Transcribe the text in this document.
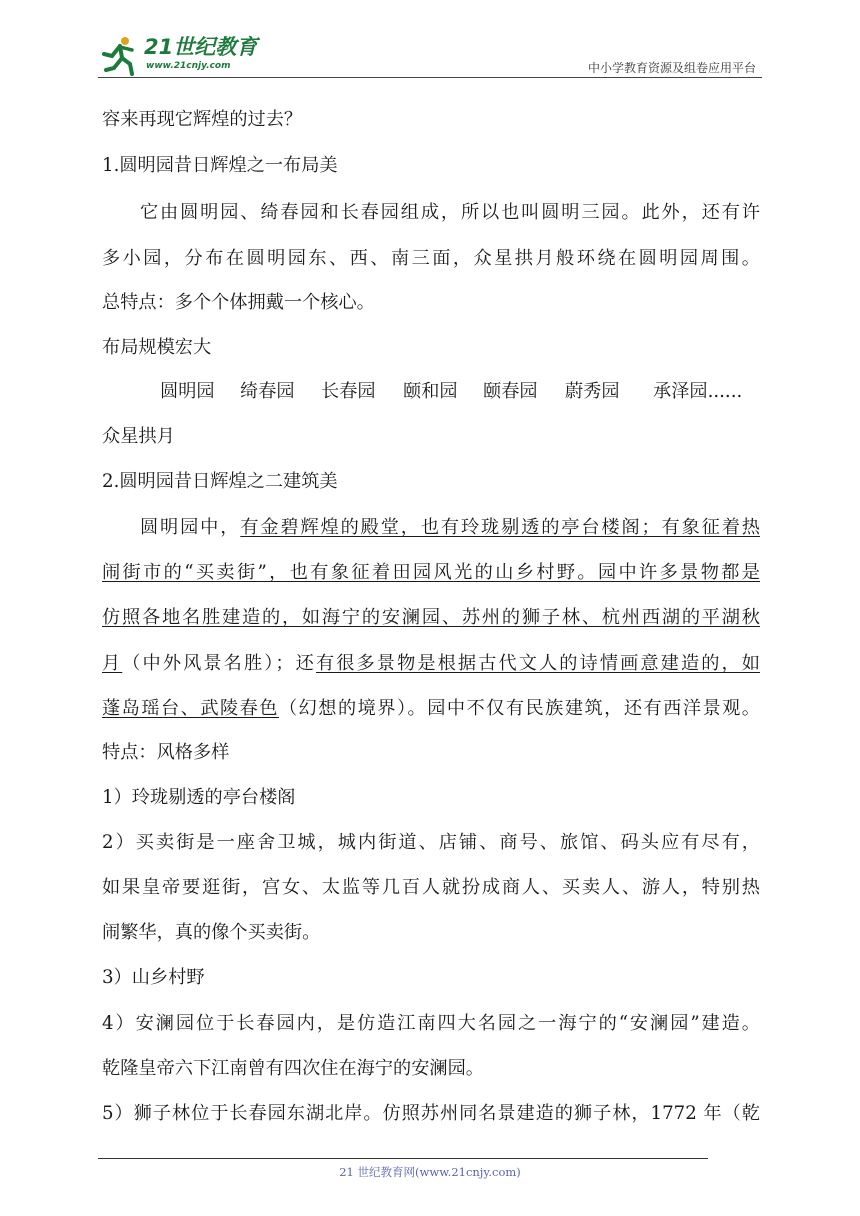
21世纪教育
www.21cnjy.com	中小学教育资源及组卷应用平台
容来再现它辉煌的过去？
1.圆明园昔日辉煌之一布局美
它由圆明园、绮春园和长春园组成，所以也叫圆明三园。此外，还有许
多小园，分布在圆明园东、西、南三面，众星拱月般环绕在圆明园周围。
总特点：多个个体拥戴一个核心。
布局规模宏大
圆明园 绮春园 长春园 颐和园 颐春园 蔚秀园 承泽园......
众星拱月
2.圆明园昔日辉煌之二建筑美
圆明园中，有金碧辉煌的殿堂，也有玲珑剔透的亭台楼阁；有象征着热
闹街市的“买卖街”，也有象征着田园风光的山乡村野。园中许多景物都是
仿照各地名胜建造的，如海宁的安澜园、苏州的狮子林、杭州西湖的平湖秋
月（中外风景名胜）；还有很多景物是根据古代文人的诗情画意建造的，如
蓬岛瑶台、武陵春色（幻想的境界）。园中不仅有民族建筑，还有西洋景观。
特点：风格多样
1）玲珑剔透的亭台楼阁
2）买卖街是一座舍卫城，城内街道、店铺、商号、旅馆、码头应有尽有，
如果皇帝要逛街，宫女、太监等几百人就扮成商人、买卖人、游人，特别热
闹繁华，真的像个买卖街。
3）山乡村野
4）安澜园位于长春园内，是仿造江南四大名园之一海宁的“安澜园”建造。
乾隆皇帝六下江南曾有四次住在海宁的安澜园。
5）狮子林位于长春园东湖北岸。仿照苏州同名景建造的狮子林，1772 年（乾
21 世纪教育网(www.21cnjy.com)
